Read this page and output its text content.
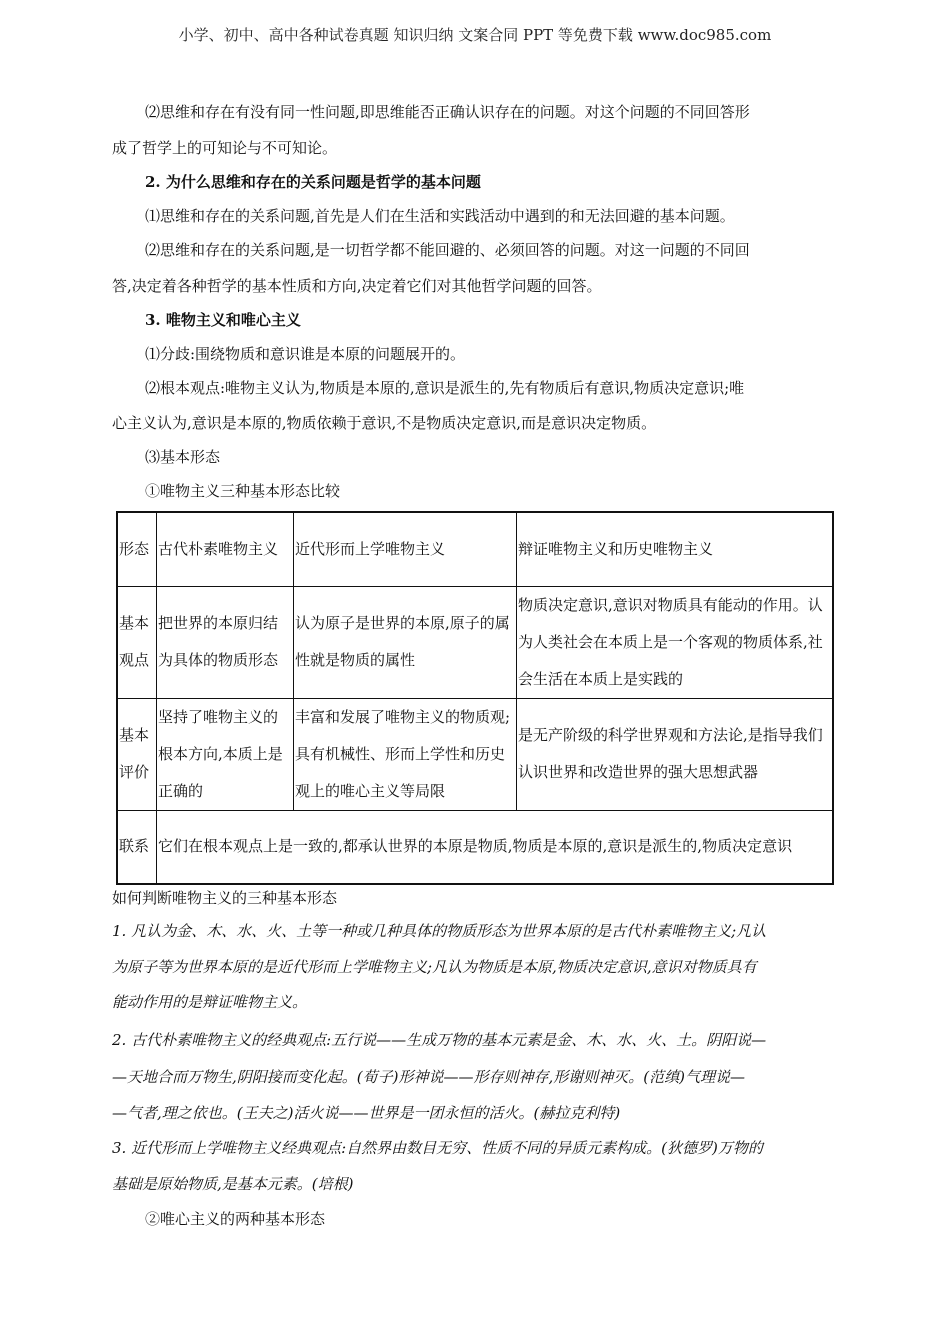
小学、初中、高中各种试卷真题 知识归纳 文案合同 PPT 等免费下载 www.doc985.com
⑵思维和存在有没有同一性问题,即思维能否正确认识存在的问题。对这个问题的不同回答形
成了哲学上的可知论与不可知论。
2. 为什么思维和存在的关系问题是哲学的基本问题
⑴思维和存在的关系问题,首先是人们在生活和实践活动中遇到的和无法回避的基本问题。
⑵思维和存在的关系问题,是一切哲学都不能回避的、必须回答的问题。对这一问题的不同回
答,决定着各种哲学的基本性质和方向,决定着它们对其他哲学问题的回答。
3. 唯物主义和唯心主义
⑴分歧:围绕物质和意识谁是本原的问题展开的。
⑵根本观点:唯物主义认为,物质是本原的,意识是派生的,先有物质后有意识,物质决定意识;唯
心主义认为,意识是本原的,物质依赖于意识,不是物质决定意识,而是意识决定物质。
⑶基本形态
①唯物主义三种基本形态比较
形态	古代朴素唯物主义	近代形而上学唯物主义	辩证唯物主义和历史唯物主义
基本观点	把世界的本原归结为具体的物质形态	认为原子是世界的本原,原子的属性就是物质的属性	物质决定意识,意识对物质具有能动的作用。认为人类社会在本质上是一个客观的物质体系,社会生活在本质上是实践的
基本评价	坚持了唯物主义的根本方向,本质上是正确的	丰富和发展了唯物主义的物质观;具有机械性、形而上学性和历史观上的唯心主义等局限	是无产阶级的科学世界观和方法论,是指导我们认识世界和改造世界的强大思想武器
联系	它们在根本观点上是一致的,都承认世界的本原是物质,物质是本原的,意识是派生的,物质决定意识		
如何判断唯物主义的三种基本形态
1. 凡认为金、木、水、火、土等一种或几种具体的物质形态为世界本原的是古代朴素唯物主义;凡认
为原子等为世界本原的是近代形而上学唯物主义;凡认为物质是本原,物质决定意识,意识对物质具有
能动作用的是辩证唯物主义。
2. 古代朴素唯物主义的经典观点:五行说——生成万物的基本元素是金、木、水、火、土。阴阳说—
—天地合而万物生,阴阳接而变化起。(荀子)形神说——形存则神存,形谢则神灭。(范缜)气理说—
—气者,理之依也。(王夫之)活火说——世界是一团永恒的活火。(赫拉克利特)
3. 近代形而上学唯物主义经典观点:自然界由数目无穷、性质不同的异质元素构成。(狄德罗)万物的
基础是原始物质,是基本元素。(培根)
②唯心主义的两种基本形态
